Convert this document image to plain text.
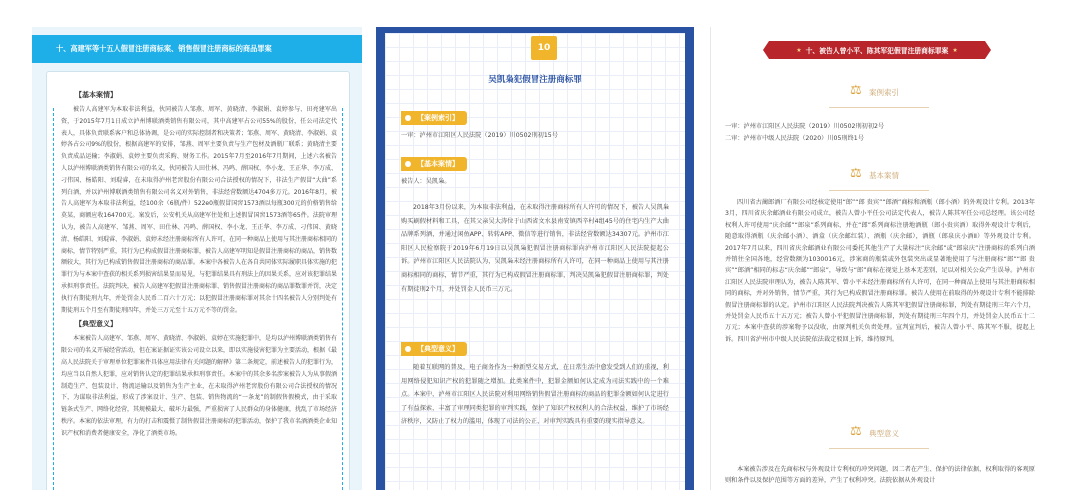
十、高建军等十五人假冒注册商标案、销售假冒注册商标的商品罪案
【基本案情】

被告人高建军为本取非法利益，伙同被告人邹燕、周军、黄晓清、李淑娟、袁婷参与、田亮建军出资，于2015年7月1日成立泸州博联酒类销售有限公司，其中高建军占公司55%的股份，任公司法定代表人，具体负责联系客户和总体协调，是公司的实际控制者和决策者；邹燕、周军、黄晓清、李淑娟、袁婷各占公司9%的股份，根据高建军的安排，邹燕、周军主要负责与生产包材及酒瓶厂联系；黄晓清主要负责成品运输；李淑娟、袁婷主要负责采购、财务工作。2015年7月至2016年7月期间，上述六名被告人以泸州博联酒类销售有限公司的名义，伙同被告人田仕林、冯鸣、薛国权、李小龙、王正华、李万成、刁伟国、杨皓阳、刘琨睿，在未取得泸州老窖股份有限公司合法授权的情况下，非法生产假冒“大曲”系列白酒，并以泸州博联酒类销售有限公司名义对外销售，非法经营数额达4704多万元。2016年8月，被告人高建军为本取非法利益，经100余（6瓶/件）522e0瓶假冒国窖1573酒以每瓶300元的价格销售给莫某，商额应收164700元。案发后，公安机关从高建军住处和上述假冒国窖1573酒等65件。法院审理认为，被告人高建军、邹燕、周军、田仕林、冯鸣、薛国权、李小龙、王正华、李万成、刁伟国、黄晓清、杨皓阳、刘琨睿、李淑娟、袁婷未经注册商标所有人许可，在同一种商品上使用与其注册商标相同的商标，情节特别严重，其行为已构成假冒注册商标罪，被告人高建军明知是假冒注册商标的商品，销售数额较大，其行为已构成销售假冒注册商标的商品罪。本案中各被告人在各自共同体实际履职具体实施的犯罪行为与本案中查获的相关系列损害结果显而易见，与犯罪结果具有刑法上的因果关系，应对该犯罪结果承担刑事责任。法院判决，被告人高建军犯假冒注册商标罪、销售假冒注册商标的商品罪数罪并罚，决定执行有期徒刑九年，并处罚金人民币二百六十万元；以犯假冒注册商标罪对其余十四名被告人分别判处有期徒刑五个月至有期徒刑四年，并处三万元至十五万元不等的罚金。

【典型意义】

本案被告人高建军、邹燕、周军、黄晓清、李淑娟、袁婷在实施犯罪中，是均以泸州博联酒类销售有限公司的名义开展经营活动，但在案证据证实该公司设立以来，即以实施侵害犯罪为主要活动，根据《最高人民法院关于审理单位犯罪案件具体应用法律有关问题的解释》第二条规定，前述被告人的犯罪行为，均应当以自然人犯罪，应对销售认定的犯罪结果承担刑事责任。本案中的其余多名涉案被告人为从事假酒制造生产、包装设计、物流运输以及销售为生产主业，在未取得泸州老窖股份有限公司合法授权的情况下，为谋取非法利益，形成了涉案设计、生产、包装、销售物流的“一条龙”的制假售假模式，由于采取链条式生产、网络化经营，其规模最大、破坏力最强，严重损害了人民群众的身体健康，扰乱了市场经济秩序。本案的依法审理，有力的打击和震慑了制售假冒注册商标的犯罪活动，保护了我市名酒酒类企业知识产权和消费者健康安全，净化了酒类市场。

10
吴凯枭犯假冒注册商标罪
【案例索引】
一审：泸州市江阳区人民法院（2019）川0502刑初15号
【基本案情】
被告人：吴凯枭。
2018年3月份以来，为本取非法利益，在未取得注册商标所有人许可的情况下，被告人吴凯枭购买刷假材料和工具，在其父亲吴大涛位于山西省文水县南安镇西辛村4组45号的住宅内生产大曲品牌系列酒，并通过闲鱼APP、转转APP、微信等进行销售，非法经营数额达34307元。泸州市江阳区人民检察院于2019年6月19日以吴凯枭犯假冒注册商标罪向泸州市江阳区人民法院提起公诉。泸州市江阳区人民法院认为，吴凯枭未经注册商标所有人许可，在同一种商品上使用与其注册商标相同的商标，情节严重，其行为已构成假冒注册商标罪，判决吴凯枭犯假冒注册商标罪，判处有期徒刑2个月，并处罚金人民币三万元。
【典型意义】
随着互联网的普及，电子商务作为一种新型交易方式，在日常生活中愈发受到人们的重视，利用网络侵犯知识产权的犯罪随之增加。此类案件中，犯罪金额如何认定成为司法实践中的一个难点。本案中，泸州市江阳区人民法院对利用网络销售假冒注册商标的商品的犯罪金额如何认定进行了有益探索，丰富了审理同类犯罪的审判实践，保护了知识产权权利人的合法权益，维护了市场经济秩序，又防止了权力的滥用，体现了司法的公正，对审判实践具有重要的现实指导意义。
★ 十、被告人曾小平、陈其军犯假冒注册商标罪案 ★
⚖ 案例索引
一审：泸州市江阳区人民法院（2019）川0502刑初初2号
二审：泸州市中级人民法院（2020）川05刑终1号
⚖ 基本案情
四川省古蔺郎酒厂有限公司经核定使用“郎”“郎 贵宾”“郎酒”商标和酒瓶（郎小酒）的外观设计专利。2013年3月，四川省庆余邮酒业有限公司成立，被告人曾小平任公司法定代表人，被告人陈其军任公司总经理。该公司经权利人许可使用“庆余邮”“郎泉”系列商标，并在“郎”系列商标注册地酒瓶（郎小贵宾酒）取得外观设计专利后，随意取得酒瓶（庆余邮小酒）、酒盒（庆余邮红装）、酒瓶（庆余邮），酒瓶（郎泉庆小酒Ⅱ）等外观设计专利。2017年7月以来，四川省庆余邮酒业有限公司委托其他生产了大量标注“庆余邮”或“郎泉庆”注册商标的系列白酒并销往全国各地，经营数额为1030016元，涉案商的瓶装或外包装突出或显著地使用了与注册商标“郎”“郎 贵宾”“郎酒”相同的标志“庆余邮”“郎泉”，导致与“郎”商标在视觉上基本无差别，足以对相关公众产生误导。泸州市江阳区人民法院审理认为，被告人陈其军、曾小平未经注册商标所有人许可，在同一种商品上使用与其注册商标相同的商标，并对外销售，情节严重，其行为已构成假冒注册商标罪。被告人使用在前取得的外观设计专利不能排除假冒注册商标罪的认定。泸州市江阳区人民法院判决被告人陈其军犯假冒注册商标罪，判处有期徒刑三年六个月，并处罚金人民币五十五万元；被告人曾小平犯假冒注册商标罪，判处有期徒刑三年四个月，并处罚金人民币五十二万元；本案中查获的涉案物予以没收，由原判机关负责处理。宣判宣判后，被告人曾小平、陈其军不服，提起上诉。四川省泸州市中级人民法院依法裁定驳回上诉，维持原判。
⚖ 典型意义
本案被告涉及在先商标权与外观设计专利权的冲突问题，因二者在产生、保护的法律依据，权利取得的客观原则和条件以及保护范围等方面的差异，产生了权利冲突。法院依据从外观设计
